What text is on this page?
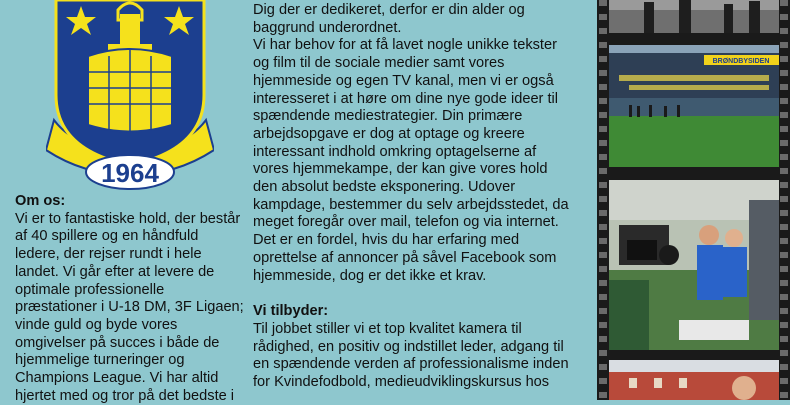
1964
Om os:

Vi er to fantastiske hold, der består

af 40 spillere og en håndfuld

ledere, der rejser rundt i hele

landet. Vi går efter at levere de

optimale professionelle

præstationer i U-18 DM, 3F Ligaen;

vinde guld og byde vores

omgivelser på succes i både de

hjemmelige turneringer og

Champions League. Vi har altid

hjertet med og tror på det bedste i

Dig der er dedikeret, derfor er din alder og

baggrund underordnet.

Vi har behov for at få lavet nogle unikke tekster

og film til de sociale medier samt vores

hjemmeside og egen TV kanal, men vi er også

interesseret i at høre om dine nye gode ideer til

spændende mediestrategier. Din primære

arbejdsopgave er dog at optage og kreere

interessant indhold omkring optagelserne af

vores hjemmekampe, der kan give vores hold

den absolut bedste eksponering. Udover

kampdage, bestemmer du selv arbejdsstedet, da

meget foregår over mail, telefon og via internet.

Det er en fordel, hvis du har erfaring med

oprettelse af annoncer på såvel Facebook som

hjemmeside, dog er det ikke et krav.

Vi tilbyder:

Til jobbet stiller vi et top kvalitet kamera til

rådighed, en positiv og indstillet leder, adgang til

en spændende verden af professionalisme inden

for Kvindefodbold, medieudviklingskursus hos

BRØNDBYSIDEN
